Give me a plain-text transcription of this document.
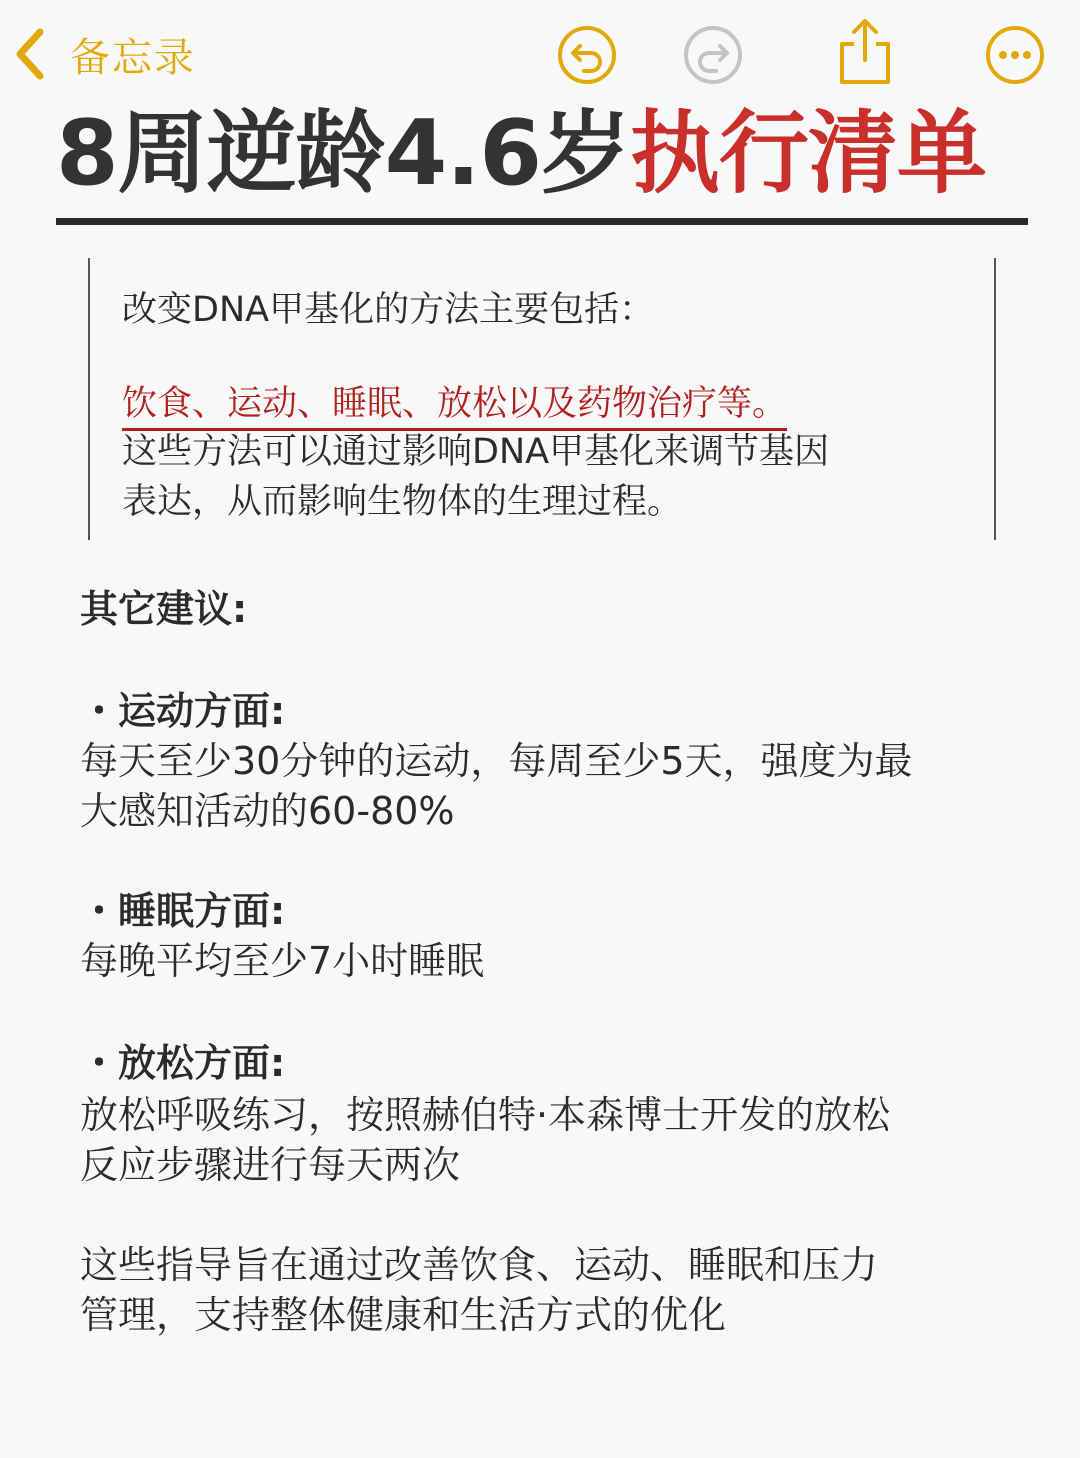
备忘录
8周逆龄4.6岁执行清单
改变DNA甲基化的方法主要包括：
饮食、运动、睡眠、放松以及药物治疗等。
这些方法可以通过影响DNA甲基化来调节基因
表达，从而影响生物体的生理过程。
其它建议:
・运动方面:
每天至少30分钟的运动，每周至少5天，强度为最
大感知活动的60-80%
・睡眠方面:
每晚平均至少7小时睡眠
・放松方面:
放松呼吸练习，按照赫伯特·本森博士开发的放松
反应步骤进行每天两次
这些指导旨在通过改善饮食、运动、睡眠和压力
管理，支持整体健康和生活方式的优化
